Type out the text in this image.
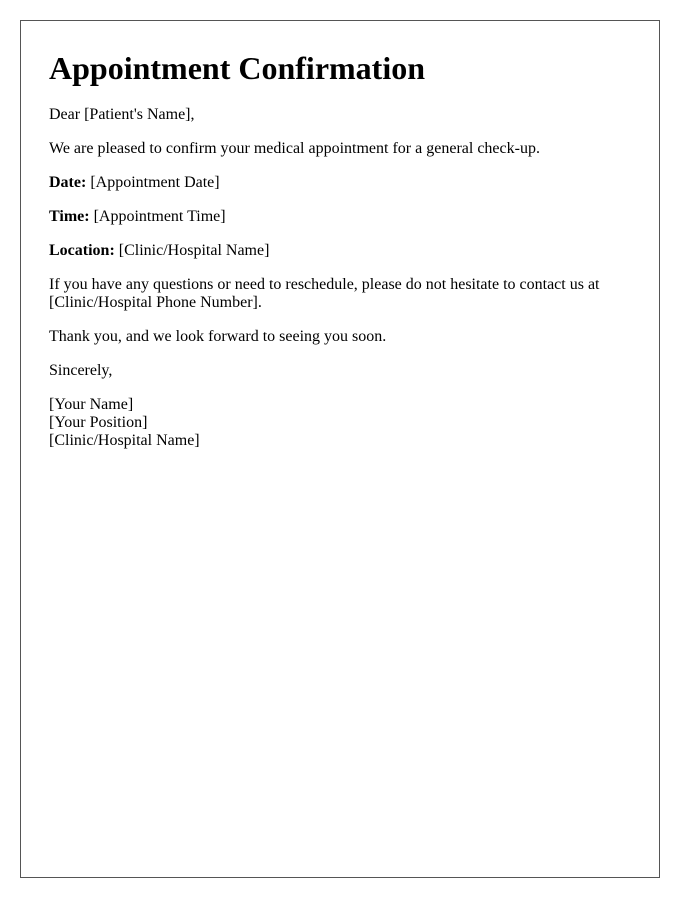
Appointment Confirmation

Dear [Patient's Name],

We are pleased to confirm your medical appointment for a general check-up.

Date: [Appointment Date]

Time: [Appointment Time]

Location: [Clinic/Hospital Name]

If you have any questions or need to reschedule, please do not hesitate to contact us at [Clinic/Hospital Phone Number].

Thank you, and we look forward to seeing you soon.

Sincerely,

[Your Name]
[Your Position]
[Clinic/Hospital Name]
